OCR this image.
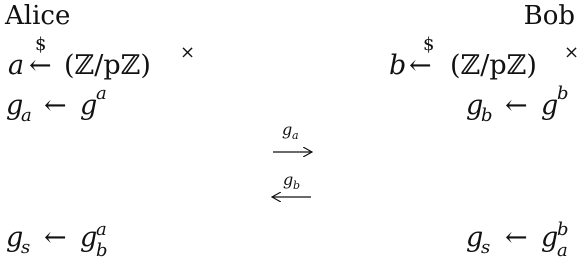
Alice	Bob
a ←
$
(ℤ/pℤ) ×
g
a ← g
a
b ←
$
(ℤ/pℤ) ×
g
b ← g
b
g a
g b
g
s ← g
b
a	g
s ← g
a
b
